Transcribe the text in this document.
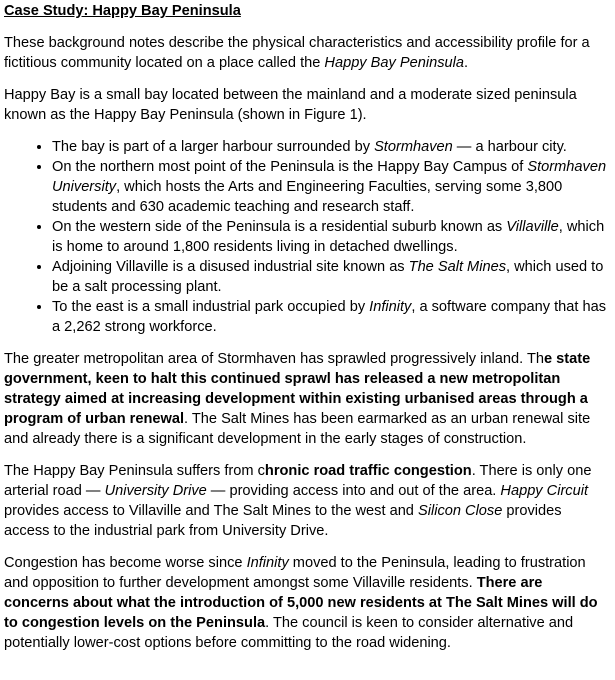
Case Study: Happy Bay Peninsula

These background notes describe the physical characteristics and accessibility profile for a fictitious community located on a place called the Happy Bay Peninsula.

Happy Bay is a small bay located between the mainland and a moderate sized peninsula known as the Happy Bay Peninsula (shown in Figure 1).

• The bay is part of a larger harbour surrounded by Stormhaven — a harbour city.
• On the northern most point of the Peninsula is the Happy Bay Campus of Stormhaven University, which hosts the Arts and Engineering Faculties, serving some 3,800 students and 630 academic teaching and research staff.
• On the western side of the Peninsula is a residential suburb known as Villaville, which is home to around 1,800 residents living in detached dwellings.
• Adjoining Villaville is a disused industrial site known as The Salt Mines, which used to be a salt processing plant.
• To the east is a small industrial park occupied by Infinity, a software company that has a 2,262 strong workforce.

The greater metropolitan area of Stormhaven has sprawled progressively inland. The state government, keen to halt this continued sprawl has released a new metropolitan strategy aimed at increasing development within existing urbanised areas through a program of urban renewal. The Salt Mines has been earmarked as an urban renewal site and already there is a significant development in the early stages of construction.

The Happy Bay Peninsula suffers from chronic road traffic congestion. There is only one arterial road — University Drive — providing access into and out of the area. Happy Circuit provides access to Villaville and The Salt Mines to the west and Silicon Close provides access to the industrial park from University Drive.

Congestion has become worse since Infinity moved to the Peninsula, leading to frustration and opposition to further development amongst some Villaville residents. There are concerns about what the introduction of 5,000 new residents at The Salt Mines will do to congestion levels on the Peninsula. The council is keen to consider alternative and potentially lower-cost options before committing to the road widening.
